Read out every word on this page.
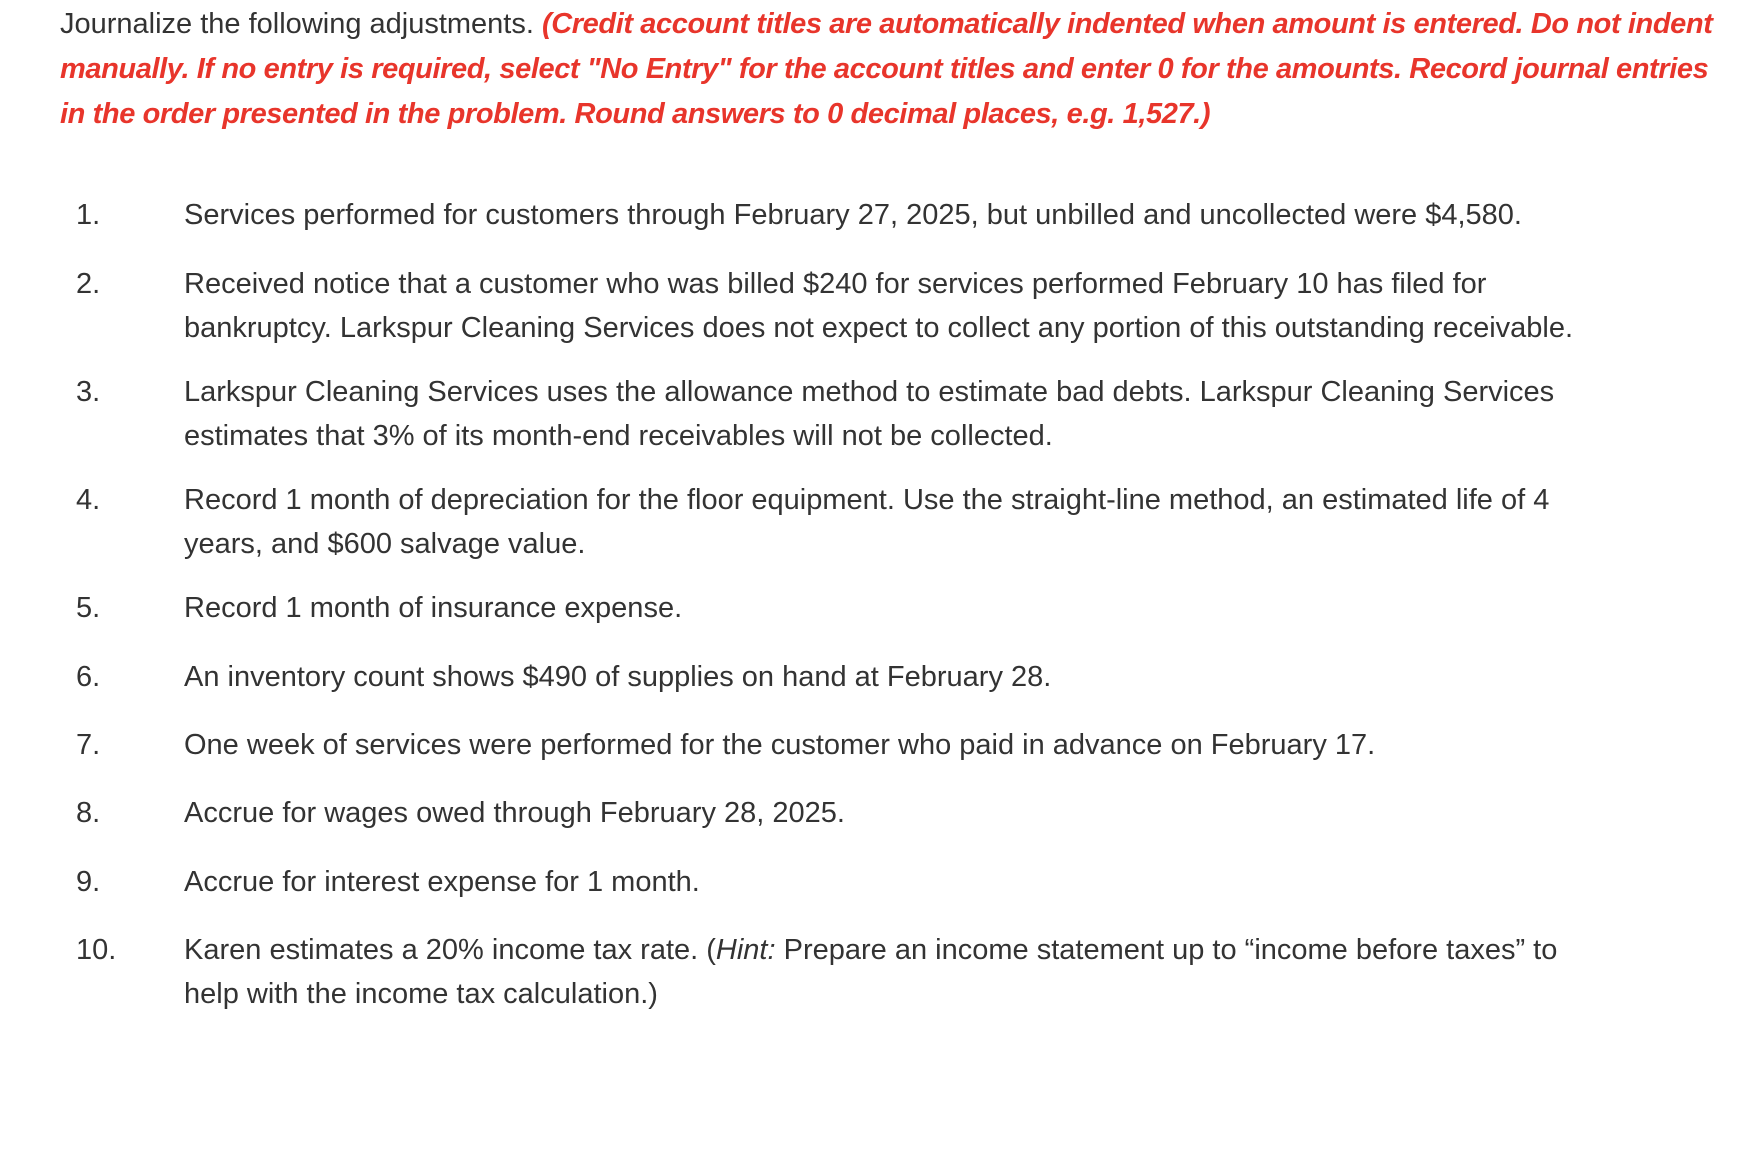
Journalize the following adjustments. (Credit account titles are automatically indented when amount is entered. Do not indent manually. If no entry is required, select "No Entry" for the account titles and enter 0 for the amounts. Record journal entries in the order presented in the problem. Round answers to 0 decimal places, e.g. 1,527.)

1.	Services performed for customers through February 27, 2025, but unbilled and uncollected were $4,580.
2.	Received notice that a customer who was billed $240 for services performed February 10 has filed for
bankruptcy. Larkspur Cleaning Services does not expect to collect any portion of this outstanding receivable.
3.	Larkspur Cleaning Services uses the allowance method to estimate bad debts. Larkspur Cleaning Services
estimates that 3% of its month-end receivables will not be collected.
4.	Record 1 month of depreciation for the floor equipment. Use the straight-line method, an estimated life of 4
years, and $600 salvage value.
5.	Record 1 month of insurance expense.
6.	An inventory count shows $490 of supplies on hand at February 28.
7.	One week of services were performed for the customer who paid in advance on February 17.
8.	Accrue for wages owed through February 28, 2025.
9.	Accrue for interest expense for 1 month.
10. Karen estimates a 20% income tax rate. (Hint: Prepare an income statement up to “income before taxes” to
help with the income tax calculation.)
